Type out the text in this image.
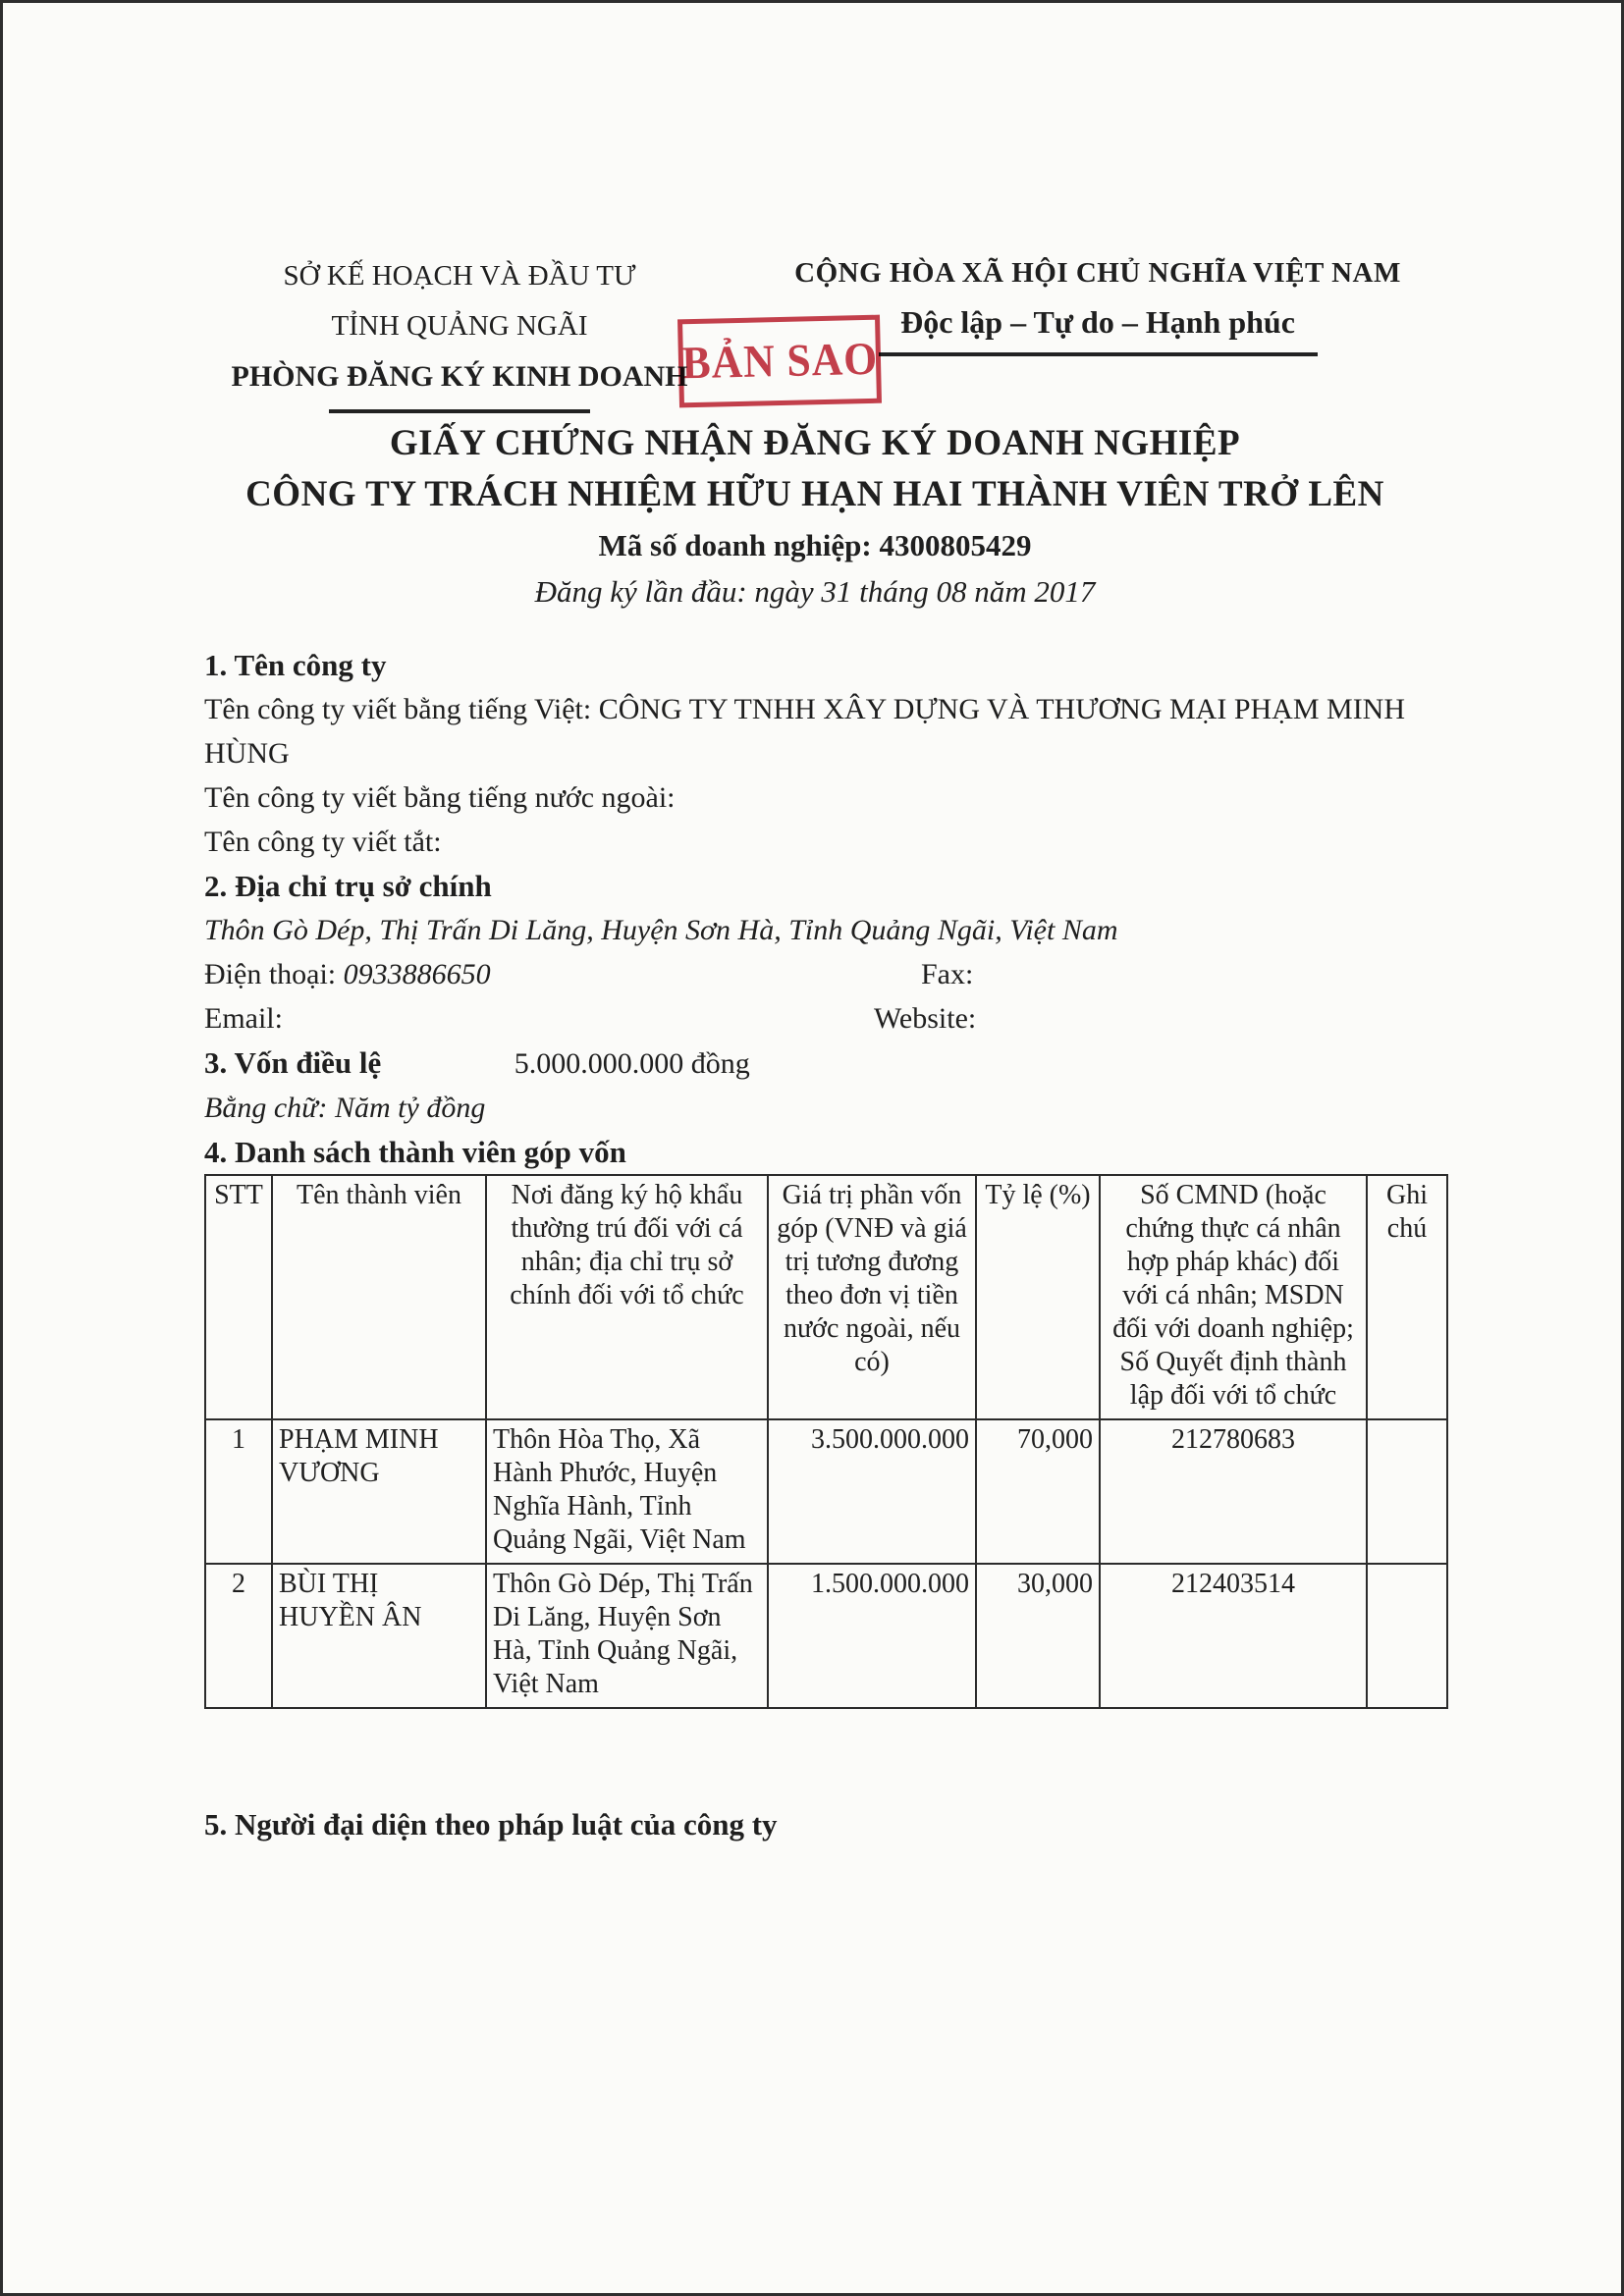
SỞ KẾ HOẠCH VÀ ĐẦU TƯ
TỈNH QUẢNG NGÃI
PHÒNG ĐĂNG KÝ KINH DOANH
CỘNG HÒA XÃ HỘI CHỦ NGHĨA VIỆT NAM
Độc lập – Tự do – Hạnh phúc
BẢN SAO
GIẤY CHỨNG NHẬN ĐĂNG KÝ DOANH NGHIỆP
CÔNG TY TRÁCH NHIỆM HỮU HẠN HAI THÀNH VIÊN TRỞ LÊN
Mã số doanh nghiệp: 4300805429
Đăng ký lần đầu: ngày 31 tháng 08 năm 2017

1. Tên công ty

Tên công ty viết bằng tiếng Việt: CÔNG TY TNHH XÂY DỰNG VÀ THƯƠNG MẠI PHẠM MINH HÙNG

Tên công ty viết bằng tiếng nước ngoài:

Tên công ty viết tắt:

2. Địa chỉ trụ sở chính

Thôn Gò Dép, Thị Trấn Di Lăng, Huyện Sơn Hà, Tỉnh Quảng Ngãi, Việt Nam

Điện thoại: 0933886650	Fax:

Email:	Website:

3. Vốn điều lệ	5.000.000.000 đồng

Bằng chữ: Năm tỷ đồng

4. Danh sách thành viên góp vốn

STT	Tên thành viên	Nơi đăng ký hộ khẩu thường trú đối với cá nhân; địa chỉ trụ sở chính đối với tổ chức	Giá trị phần vốn góp (VNĐ và giá trị tương đương theo đơn vị tiền nước ngoài, nếu có)	Tỷ lệ (%)	Số CMND (hoặc chứng thực cá nhân hợp pháp khác) đối với cá nhân; MSDN đối với doanh nghiệp; Số Quyết định thành lập đối với tổ chức	Ghi chú
1	PHẠM MINH VƯƠNG	Thôn Hòa Thọ, Xã Hành Phước, Huyện Nghĩa Hành, Tỉnh Quảng Ngãi, Việt Nam	3.500.000.000	70,000	212780683	
2	BÙI THỊ HUYỀN ÂN	Thôn Gò Dép, Thị Trấn Di Lăng, Huyện Sơn Hà, Tỉnh Quảng Ngãi, Việt Nam	1.500.000.000	30,000	212403514	
5. Người đại diện theo pháp luật của công ty
